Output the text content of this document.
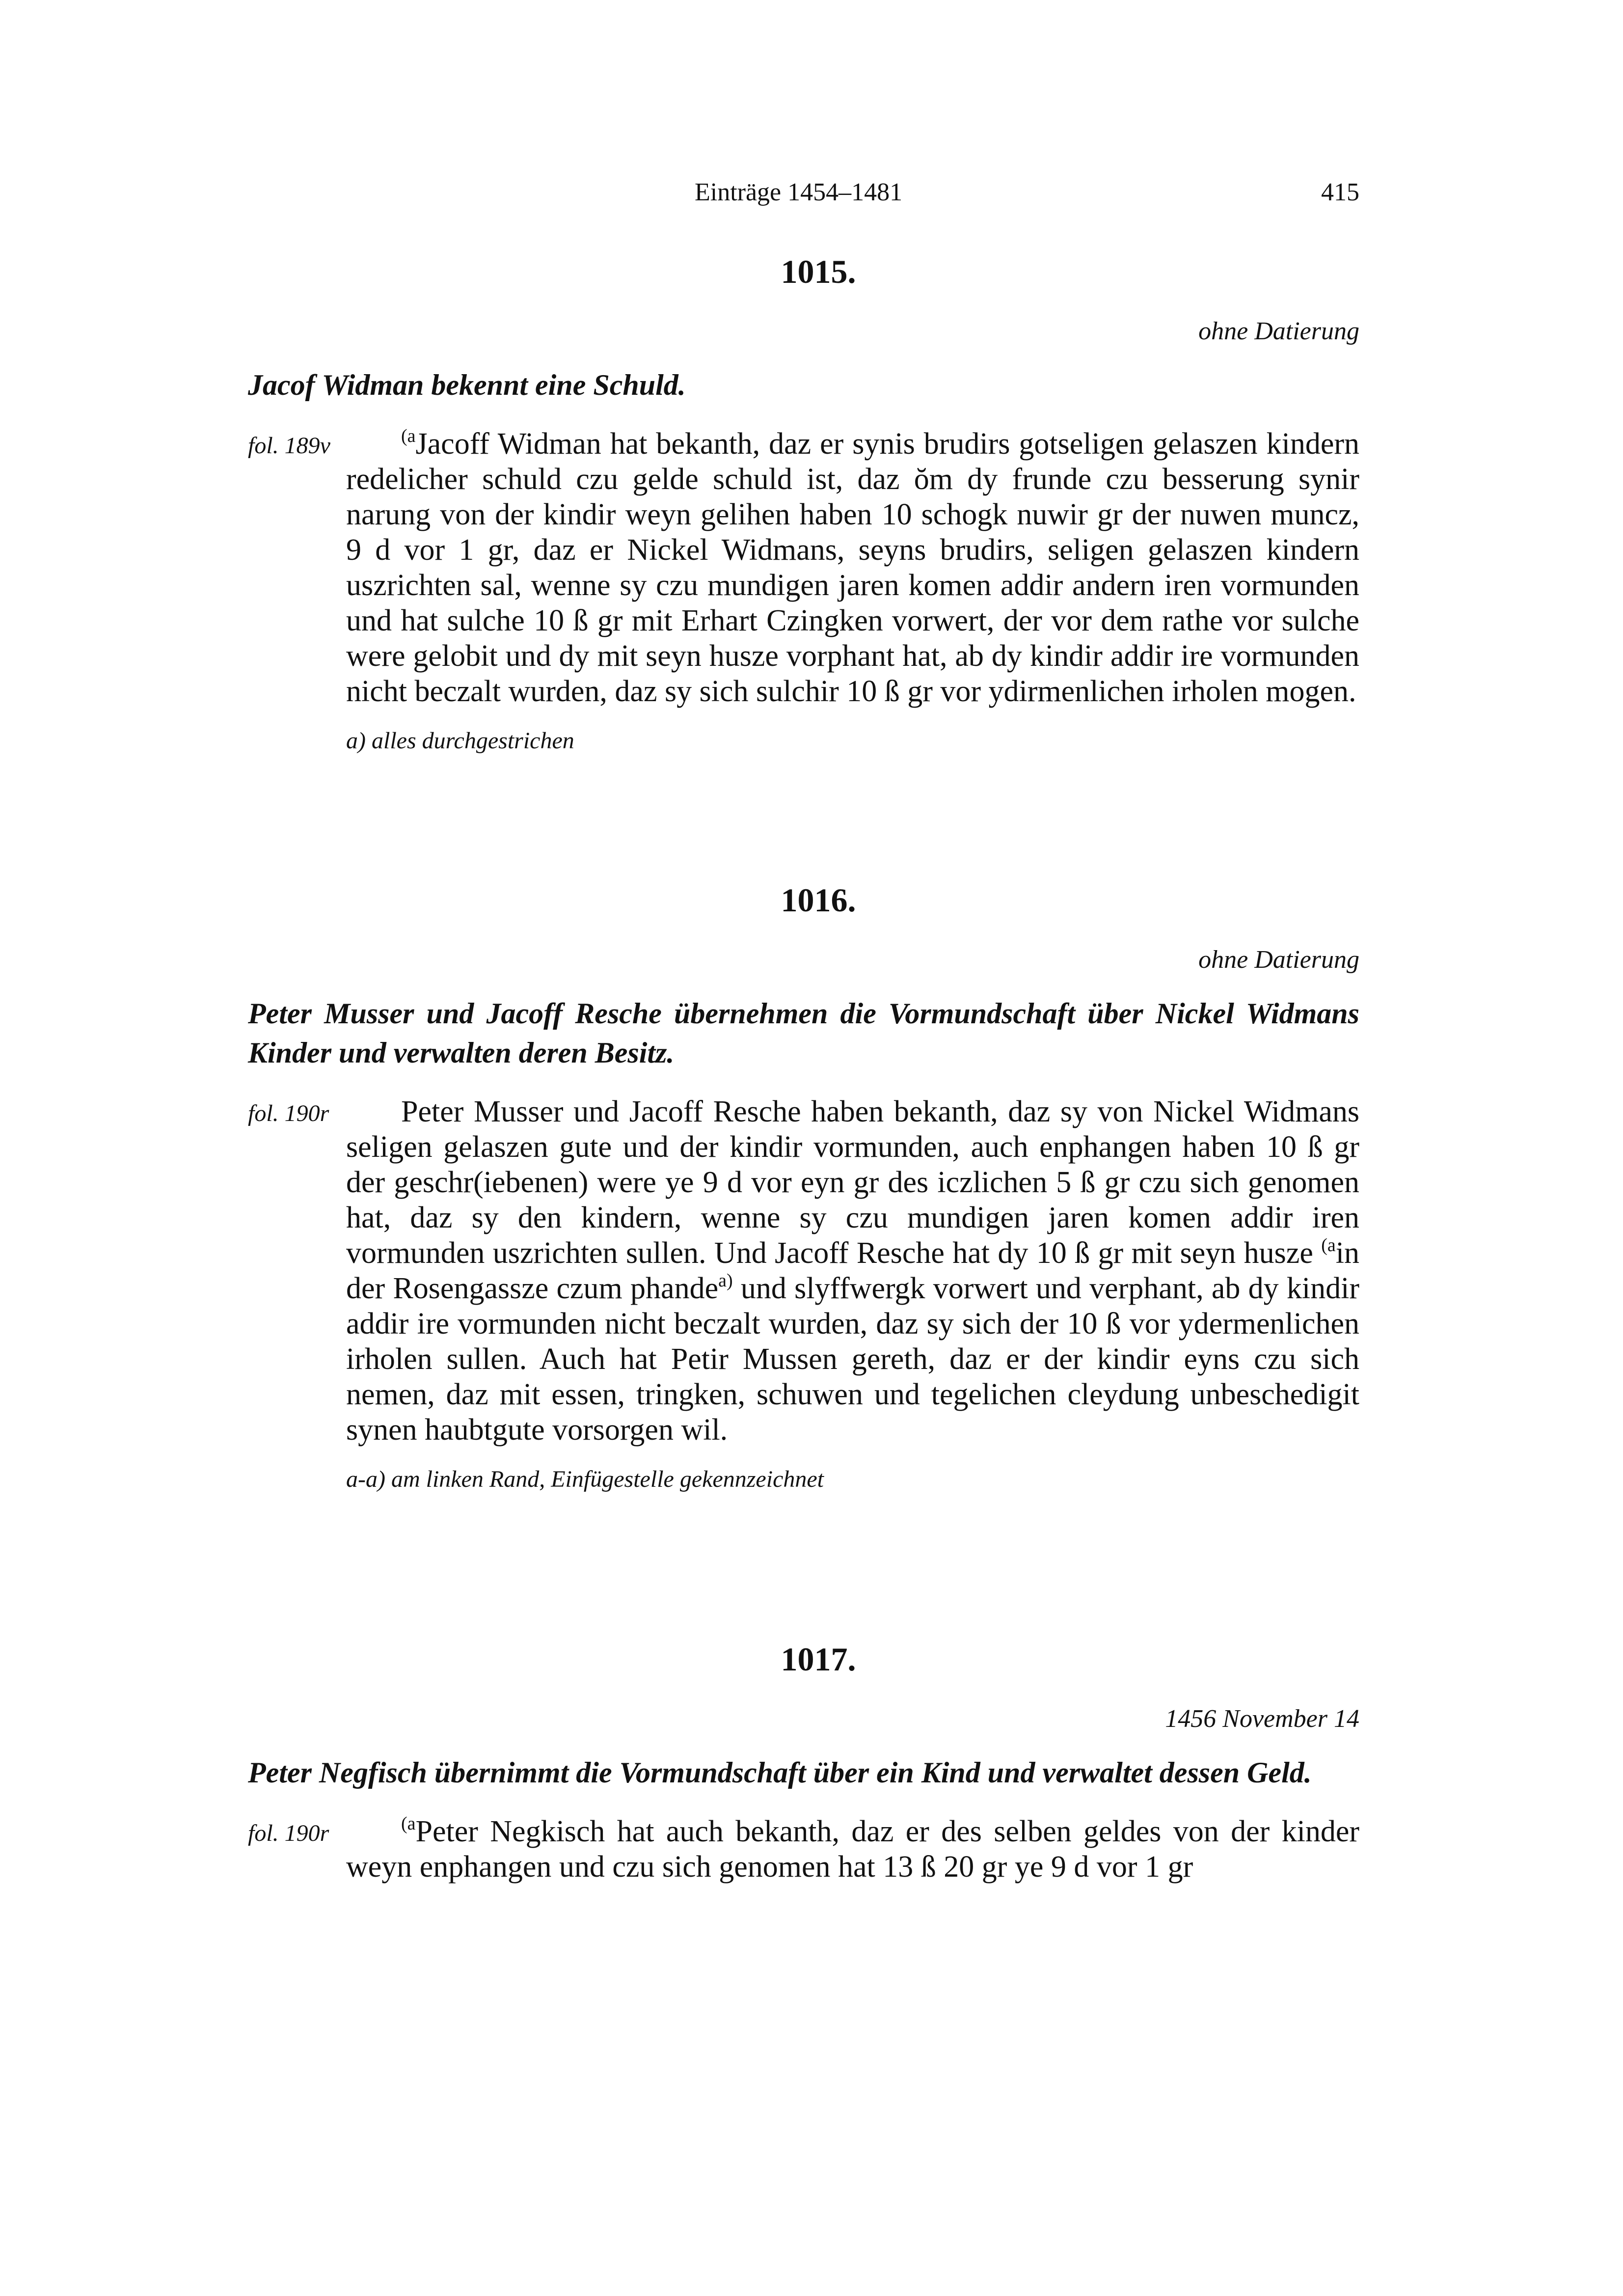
Einträge 1454–1481	415
1015.
ohne Datierung
Jacof Widman bekennt eine Schuld.
fol. 189v	$^{(a}$Jacoff Widman hat bekanth, daz er synis brudirs gotseligen gelaszen kindern redelicher schuld czu gelde schuld ist, daz ŏm dy frunde czu besserung synir narung von der kindir weyn gelihen haben 10 schogk nuwir gr der nuwen muncz, 9 d vor 1 gr, daz er Nickel Widmans, seyns brudirs, seligen gelaszen kindern uszrichten sal, wenne sy czu mundigen jaren komen addir andern iren vormunden und hat sulche 10 ß gr mit Erhart Czingken vorwert, der vor dem rathe vor sulche were gelobit und dy mit seyn husze vorphant hat, ab dy kindir addir ire vormunden nicht beczalt wurden, daz sy sich sulchir 10 ß gr vor ydirmenlichen irholen mogen.

a) alles durchgestrichen
1016.
ohne Datierung
Peter Musser und Jacoff Resche übernehmen die Vormundschaft über Nickel Widmans Kinder und verwalten deren Besitz.
fol. 190r	Peter Musser und Jacoff Resche haben bekanth, daz sy von Nickel Widmans seligen gelaszen gute und der kindir vormunden, auch enphangen haben 10 ß gr der geschr(iebenen) were ye 9 d vor eyn gr des iczlichen 5 ß gr czu sich genomen hat, daz sy den kindern, wenne sy czu mundigen jaren komen addir iren vormunden uszrichten sullen. Und Jacoff Resche hat dy 10 ß gr mit seyn husze $^{(a}$in der Rosengassze czum phande$^{a)}$ und slyffwergk vorwert und verphant, ab dy kindir addir ire vormunden nicht beczalt wurden, daz sy sich der 10 ß vor ydermenlichen irholen sullen. Auch hat Petir Mussen gereth, daz er der kindir eyns czu sich nemen, daz mit essen, tringken, schuwen und tegelichen cleydung unbeschedigit synen haubtgute vorsorgen wil.

a-a) am linken Rand, Einfügestelle gekennzeichnet
1017.
1456 November 14
Peter Negfisch übernimmt die Vormundschaft über ein Kind und verwaltet dessen Geld.
fol. 190r	$^{(a}$Peter Negkisch hat auch bekanth, daz er des selben geldes von der kinder weyn enphangen und czu sich genomen hat 13 ß 20 gr ye 9 d vor 1 gr
